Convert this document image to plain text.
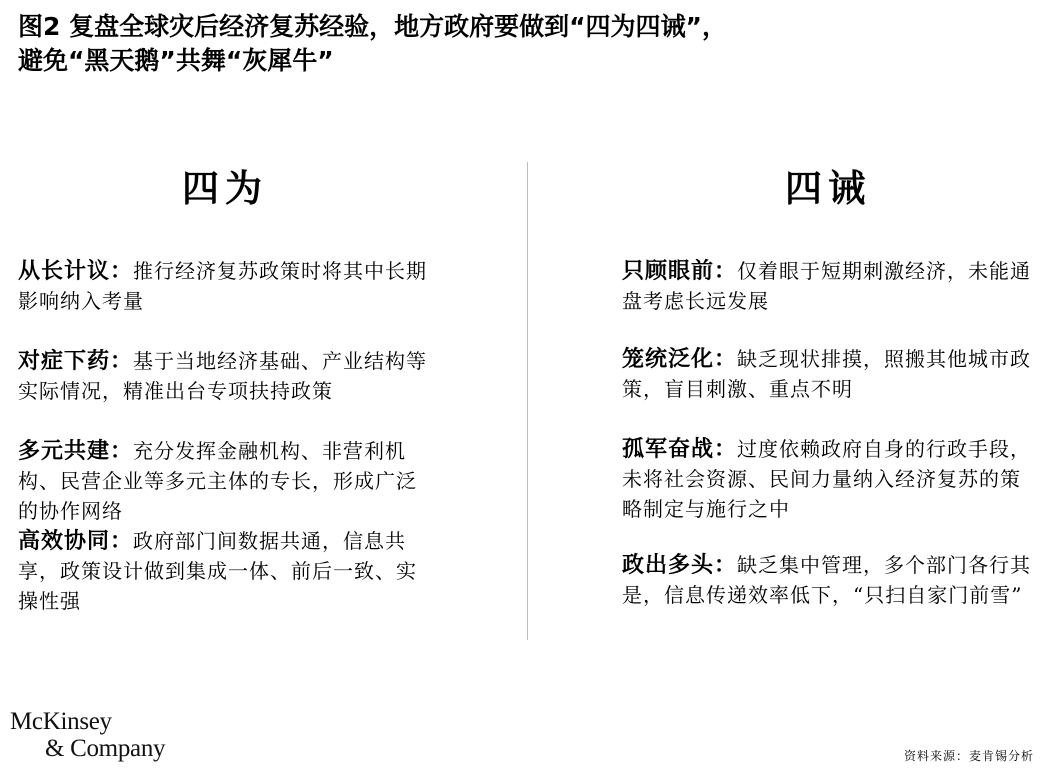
图2 复盘全球灾后经济复苏经验，地方政府要做到“四为四诫”，
避免“黑天鹅”共舞“灰犀牛”
四为	四诫
从长计议：推行经济复苏政策时将其中长期影响纳入考量
对症下药：基于当地经济基础、产业结构等实际情况，精准出台专项扶持政策
多元共建：充分发挥金融机构、非营利机构、民营企业等多元主体的专长，形成广泛的协作网络
高效协同：政府部门间数据共通，信息共享，政策设计做到集成一体、前后一致、实操性强
只顾眼前：仅着眼于短期刺激经济，未能通盘考虑长远发展
笼统泛化：缺乏现状排摸，照搬其他城市政策，盲目刺激、重点不明
孤军奋战：过度依赖政府自身的行政手段，未将社会资源、民间力量纳入经济复苏的策略制定与施行之中
政出多头：缺乏集中管理，多个部门各行其是，信息传递效率低下，“只扫自家门前雪”
McKinsey
& Company	资料来源：麦肯锡分析
